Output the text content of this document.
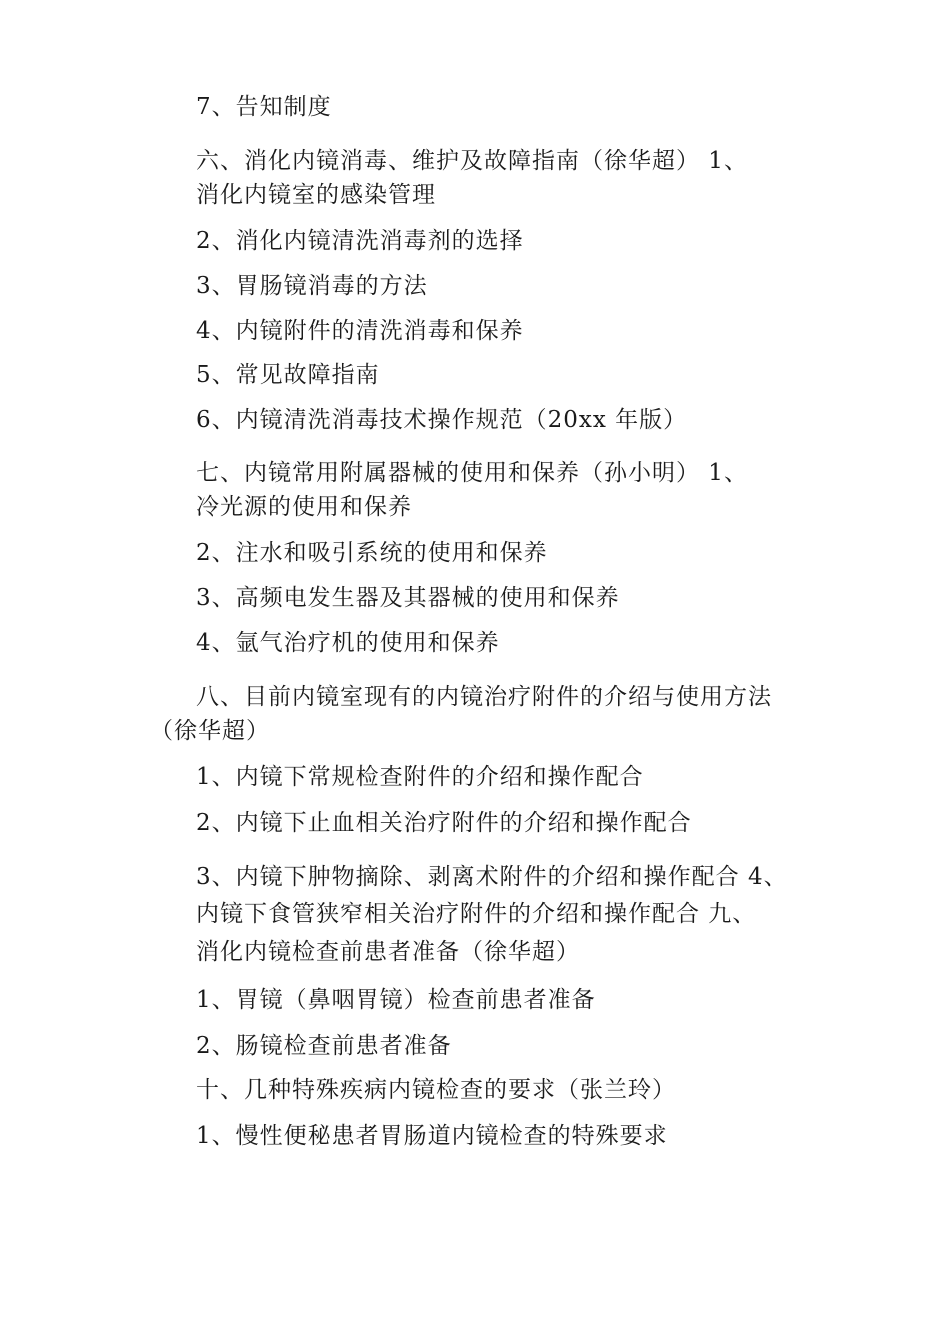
7、告知制度

六、消化内镜消毒、维护及故障指南（徐华超） 1、

消化内镜室的感染管理

2、消化内镜清洗消毒剂的选择

3、胃肠镜消毒的方法

4、内镜附件的清洗消毒和保养

5、常见故障指南

6、内镜清洗消毒技术操作规范（20xx 年版）

七、内镜常用附属器械的使用和保养（孙小明） 1、

冷光源的使用和保养

2、注水和吸引系统的使用和保养

3、高频电发生器及其器械的使用和保养

4、氩气治疗机的使用和保养

八、目前内镜室现有的内镜治疗附件的介绍与使用方法

（徐华超）

1、内镜下常规检查附件的介绍和操作配合

2、内镜下止血相关治疗附件的介绍和操作配合

3、内镜下肿物摘除、剥离术附件的介绍和操作配合 4、

内镜下食管狭窄相关治疗附件的介绍和操作配合 九、

消化内镜检查前患者准备（徐华超）

1、胃镜（鼻咽胃镜）检查前患者准备

2、肠镜检查前患者准备

十、几种特殊疾病内镜检查的要求（张兰玲）

1、慢性便秘患者胃肠道内镜检查的特殊要求
